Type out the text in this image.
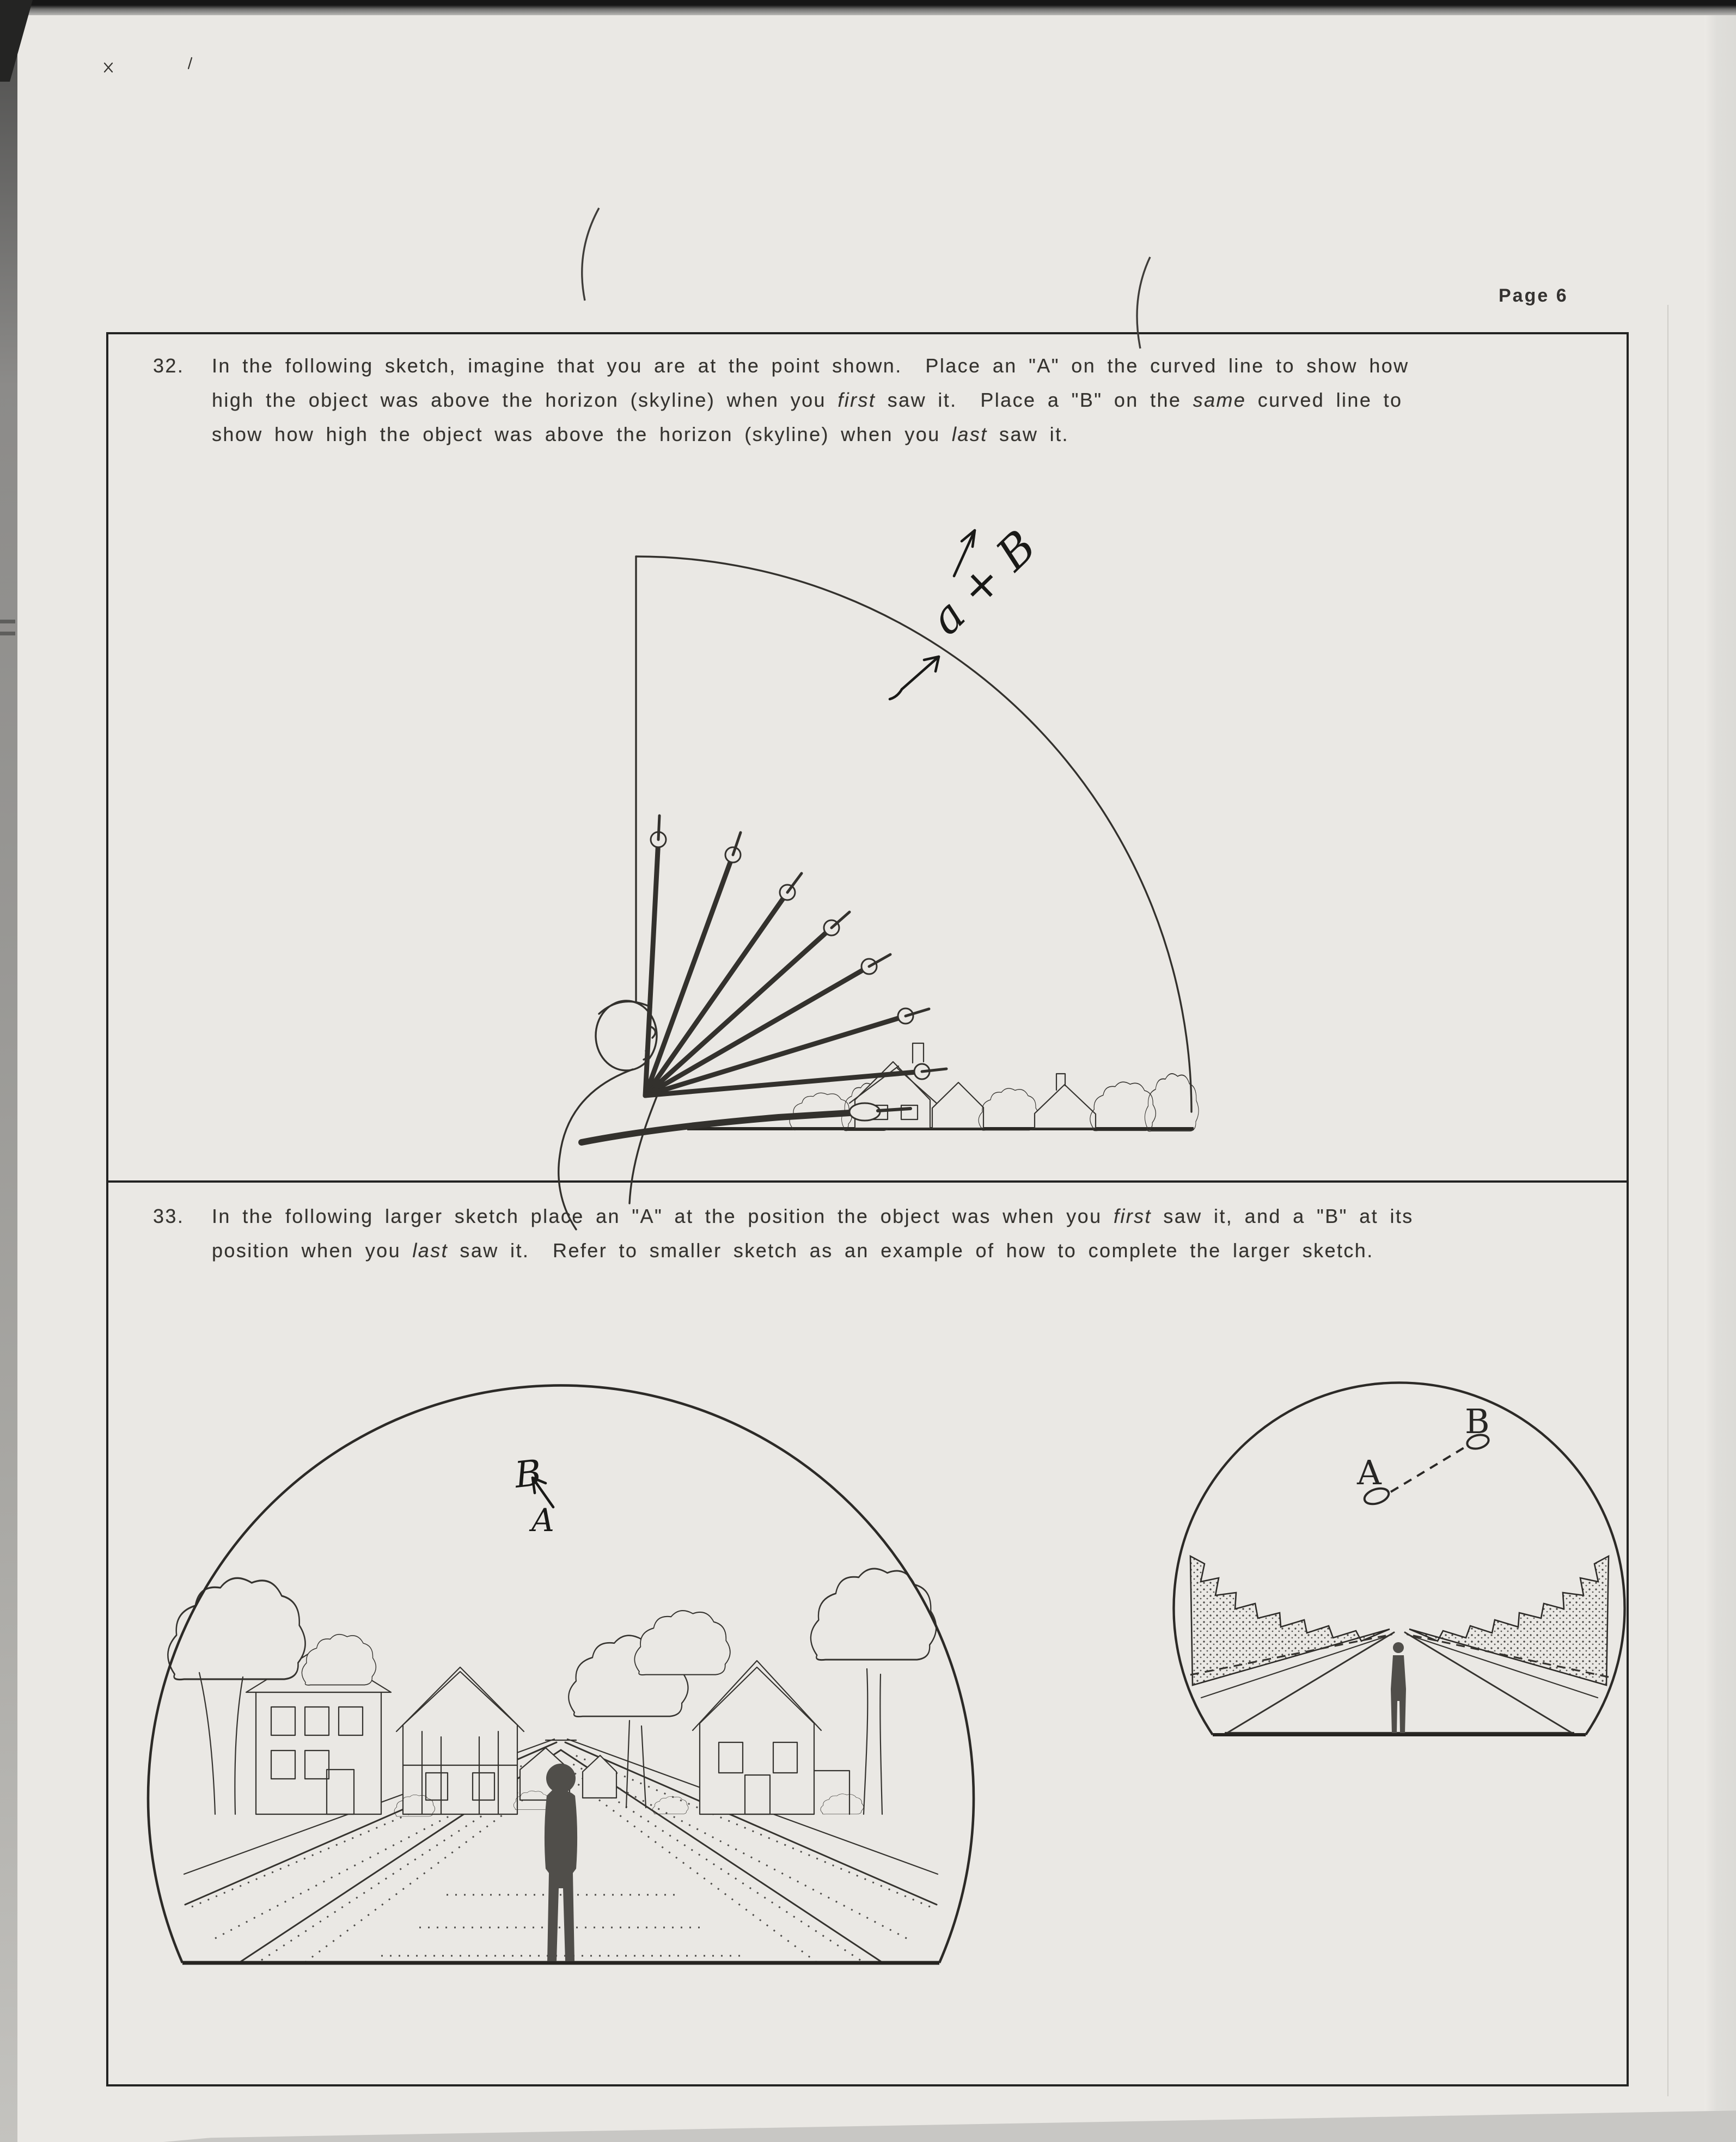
Page 6
32.	In the following sketch, imagine that you are at the point shown.  Place an "A" on the curved line to show how
high the object was above the horizon (skyline) when you first saw it.  Place a "B" on the same curved line to
show how high the object was above the horizon (skyline) when you last saw it.
33.	In the following larger sketch place an "A" at the position the object was when you first saw it, and a "B" at its
position when you last saw it.  Refer to smaller sketch as an example of how to complete the larger sketch.
a + B
B
A
A
B
